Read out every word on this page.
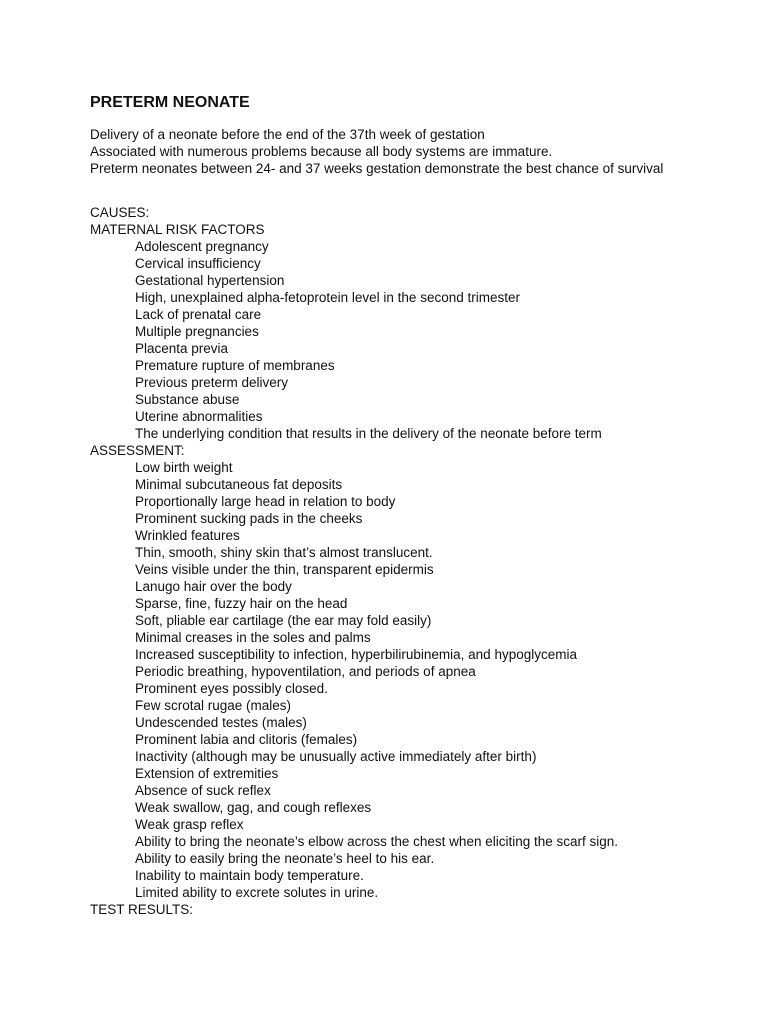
PRETERM NEONATE
Delivery of a neonate before the end of the 37th week of gestation
Associated with numerous problems because all body systems are immature.
Preterm neonates between 24- and 37 weeks gestation demonstrate the best chance of survival
CAUSES:
MATERNAL RISK FACTORS
Adolescent pregnancy
Cervical insufficiency
Gestational hypertension
High, unexplained alpha-fetoprotein level in the second trimester
Lack of prenatal care
Multiple pregnancies
Placenta previa
Premature rupture of membranes
Previous preterm delivery
Substance abuse
Uterine abnormalities
The underlying condition that results in the delivery of the neonate before term
ASSESSMENT:
Low birth weight
Minimal subcutaneous fat deposits
Proportionally large head in relation to body
Prominent sucking pads in the cheeks
Wrinkled features
Thin, smooth, shiny skin that’s almost translucent.
Veins visible under the thin, transparent epidermis
Lanugo hair over the body
Sparse, fine, fuzzy hair on the head
Soft, pliable ear cartilage (the ear may fold easily)
Minimal creases in the soles and palms
Increased susceptibility to infection, hyperbilirubinemia, and hypoglycemia
Periodic breathing, hypoventilation, and periods of apnea
Prominent eyes possibly closed.
Few scrotal rugae (males)
Undescended testes (males)
Prominent labia and clitoris (females)
Inactivity (although may be unusually active immediately after birth)
Extension of extremities
Absence of suck reflex
Weak swallow, gag, and cough reflexes
Weak grasp reflex
Ability to bring the neonate’s elbow across the chest when eliciting the scarf sign.
Ability to easily bring the neonate’s heel to his ear.
Inability to maintain body temperature.
Limited ability to excrete solutes in urine.
TEST RESULTS:
